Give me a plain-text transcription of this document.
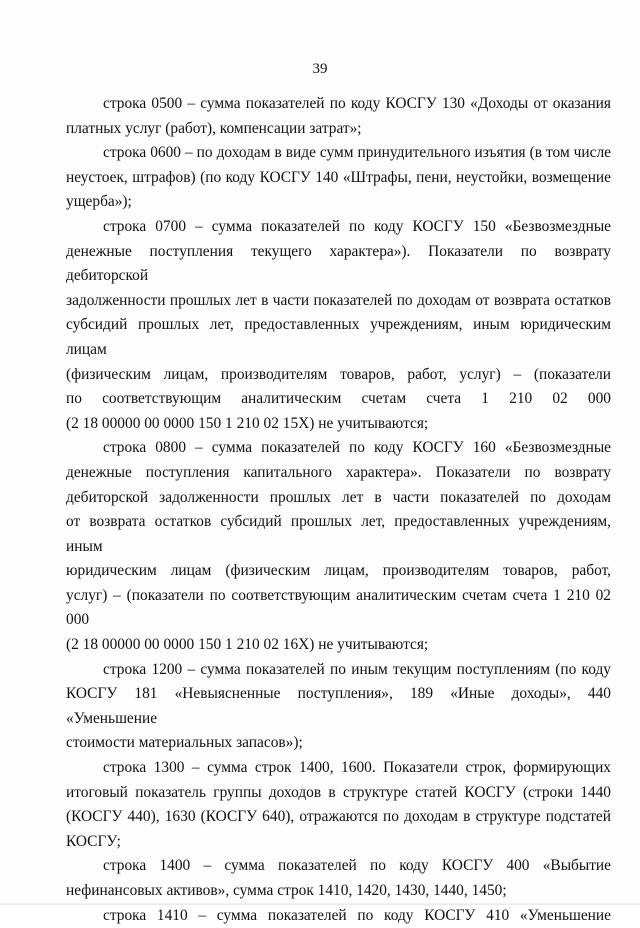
39

строка 0500 – сумма показателей по коду КОСГУ 130 «Доходы от оказания
платных услуг (работ), компенсации затрат»;

строка 0600 – по доходам в виде сумм принудительного изъятия (в том числе
неустоек, штрафов) (по коду КОСГУ 140 «Штрафы, пени, неустойки, возмещение
ущерба»);

строка 0700 – сумма показателей по коду КОСГУ 150 «Безвозмездные
денежные поступления текущего характера»). Показатели по возврату дебиторской
задолженности прошлых лет в части показателей по доходам от возврата остатков
субсидий прошлых лет, предоставленных учреждениям, иным юридическим лицам
(физическим лицам, производителям товаров, работ, услуг) – (показатели
по соответствующим аналитическим счетам счета 1 210 02 000
(2 18 00000 00 0000 150 1 210 02 15X) не учитываются;

строка 0800 – сумма показателей по коду КОСГУ 160 «Безвозмездные
денежные поступления капитального характера». Показатели по возврату
дебиторской задолженности прошлых лет в части показателей по доходам
от возврата остатков субсидий прошлых лет, предоставленных учреждениям, иным
юридическим лицам (физическим лицам, производителям товаров, работ,
услуг) – (показатели по соответствующим аналитическим счетам счета 1 210 02 000
(2 18 00000 00 0000 150 1 210 02 16X) не учитываются;

строка 1200 – сумма показателей по иным текущим поступлениям (по коду
КОСГУ 181 «Невыясненные поступления», 189 «Иные доходы», 440 «Уменьшение
стоимости материальных запасов»);

строка 1300 – сумма строк 1400, 1600. Показатели строк, формирующих
итоговый показатель группы доходов в структуре статей КОСГУ (строки 1440
(КОСГУ 440), 1630 (КОСГУ 640), отражаются по доходам в структуре подстатей
КОСГУ;

строка 1400 – сумма показателей по коду КОСГУ 400 «Выбытие
нефинансовых активов», сумма строк 1410, 1420, 1430, 1440, 1450;

строка 1410 – сумма показателей по коду КОСГУ 410 «Уменьшение
